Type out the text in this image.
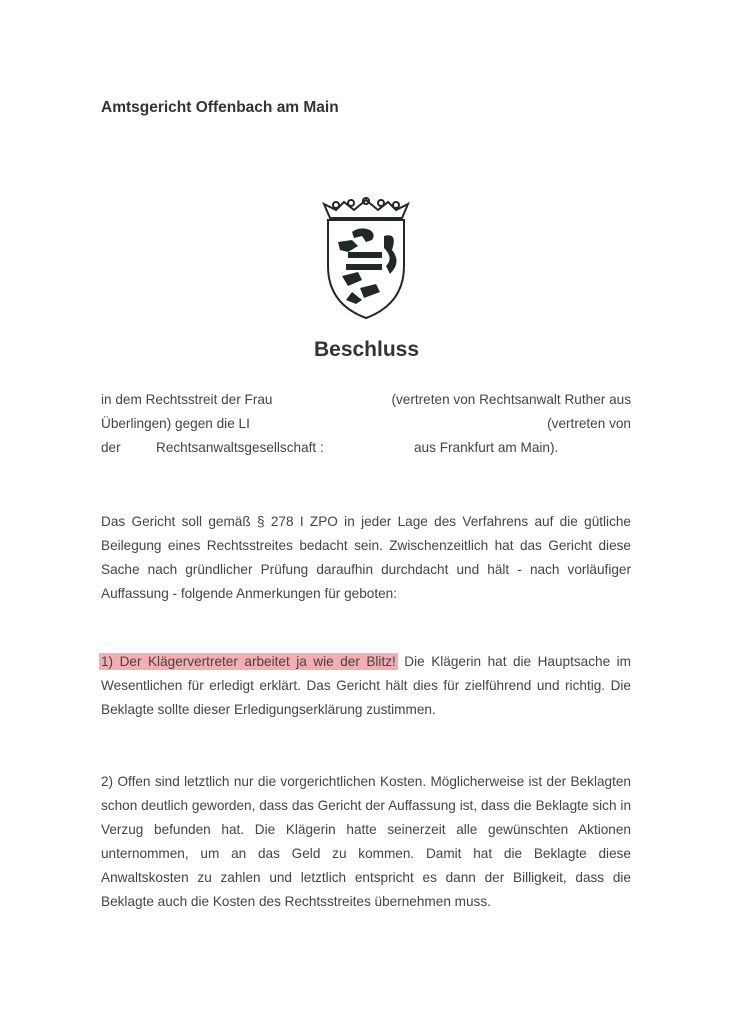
Amtsgericht Offenbach am Main
Beschluss
in dem Rechtsstreit der Frau	(vertreten von Rechtsanwalt Ruther aus
Überlingen) gegen die LI	(vertreten von
der	Rechtsanwaltsgesellschaft :	aus Frankfurt am Main).
Das Gericht soll gemäß § 278 I ZPO in jeder Lage des Verfahrens auf die gütliche Beilegung eines Rechtsstreites bedacht sein. Zwischenzeitlich hat das Gericht diese Sache nach gründlicher Prüfung daraufhin durchdacht und hält - nach vorläufiger Auffassung - folgende Anmerkungen für geboten:
1) Der Klägervertreter arbeitet ja wie der Blitz! Die Klägerin hat die Hauptsache im Wesentlichen für erledigt erklärt. Das Gericht hält dies für zielführend und richtig. Die Beklagte sollte dieser Erledigungserklärung zustimmen.
2) Offen sind letztlich nur die vorgerichtlichen Kosten. Möglicherweise ist der Beklagten schon deutlich geworden, dass das Gericht der Auffassung ist, dass die Beklagte sich in Verzug befunden hat. Die Klägerin hatte seinerzeit alle gewünschten Aktionen unternommen, um an das Geld zu kommen. Damit hat die Beklagte diese Anwaltskosten zu zahlen und letztlich entspricht es dann der Billigkeit, dass die Beklagte auch die Kosten des Rechtsstreites übernehmen muss.
